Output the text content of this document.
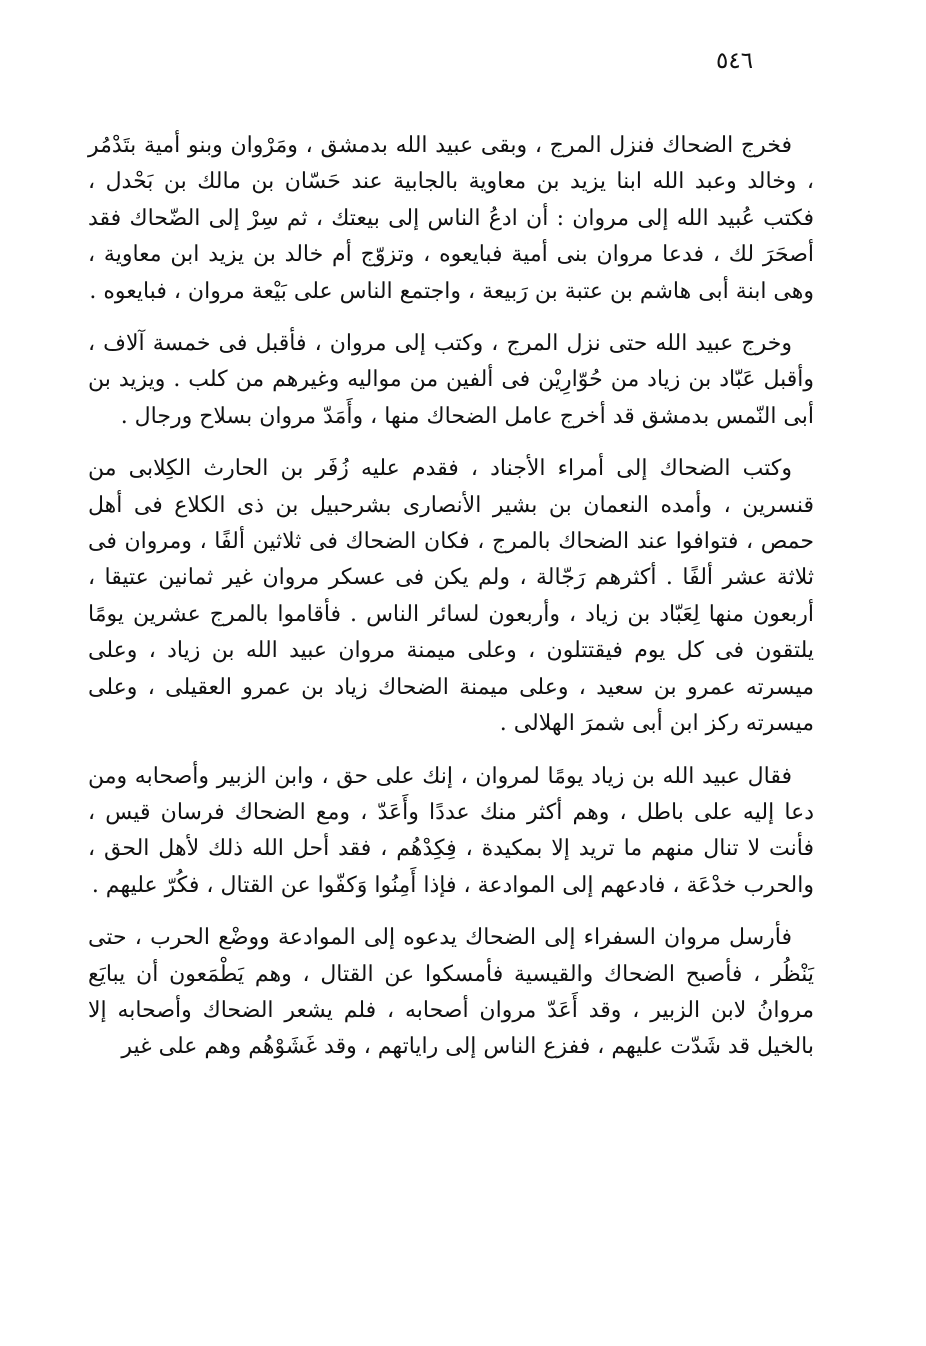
٥٤٦

فخرج الضحاك فنزل المرج ، وبقى عبيد الله بدمشق ، ومَرْوان وبنو أمية بتَدْمُر ، وخالد وعبد الله ابنا يزيد بن معاوية بالجابية عند حَسّان بن مالك بن بَحْدل ، فكتب عُبيد الله إلى مروان : أن ادعُ الناس إلى بيعتك ، ثم سِرْ إلى الضّحاك فقد أصحَرَ لك ، فدعا مروان بنى أمية فبايعوه ، وتزوّج أم خالد بن يزيد ابن معاوية ، وهى ابنة أبى هاشم بن عتبة بن رَبيعة ، واجتمع الناس على بَيْعة مروان ، فبايعوه .

وخرج عبيد الله حتى نزل المرج ، وكتب إلى مروان ، فأقبل فى خمسة آلاف ، وأقبل عَبّاد بن زياد من حُوّارِيْن فى ألفين من مواليه وغيرهم من كلب . ويزيد بن أبى النّمس بدمشق قد أخرج عامل الضحاك منها ، وأَمَدّ مروان بسلاح ورجال .

وكتب الضحاك إلى أمراء الأجناد ، فقدم عليه زُفَر بن الحارث الكِلابى من قنسرين ، وأمده النعمان بن بشير الأنصارى بشرحبيل بن ذى الكلاع فى أهل حمص ، فتوافوا عند الضحاك بالمرج ، فكان الضحاك فى ثلاثين ألفًا ، ومروان فى ثلاثة عشر ألفًا . أكثرهم رَجّالة ، ولم يكن فى عسكر مروان غير ثمانين عتيقا ، أربعون منها لِعَبّاد بن زياد ، وأربعون لسائر الناس . فأقاموا بالمرج عشرين يومًا يلتقون فى كل يوم فيقتتلون ، وعلى ميمنة مروان عبيد الله بن زياد ، وعلى ميسرته عمرو بن سعيد ، وعلى ميمنة الضحاك زياد بن عمرو العقيلى ، وعلى ميسرته ركز ابن أبى شمرَ الهلالى .

فقال عبيد الله بن زياد يومًا لمروان ، إنك على حق ، وابن الزبير وأصحابه ومن دعا إليه على باطل ، وهم أكثر منك عددًا وأَعَدّ ، ومع الضحاك فرسان قيس ، فأنت لا تنال منهم ما تريد إلا بمكيدة ، فِكِدْهُم ، فقد أحل الله ذلك لأهل الحق ، والحرب خدْعَة ، فادعهم إلى الموادعة ، فإذا أَمِنُوا وَكفّوا عن القتال ، فكُرّ عليهم .

فأرسل مروان السفراء إلى الضحاك يدعوه إلى الموادعة ووضْع الحرب ، حتى يَنْظُر ، فأصبح الضحاك والقيسية فأمسكوا عن القتال ، وهم يَطْمَعون أن يبايَع مروانُ لابن الزبير ، وقد أَعَدّ مروان أصحابه ، فلم يشعر الضحاك وأصحابه إلا بالخيل قد شَدّت عليهم ، ففزع الناس إلى راياتهم ، وقد غَشَوْهُم وهم على غير
